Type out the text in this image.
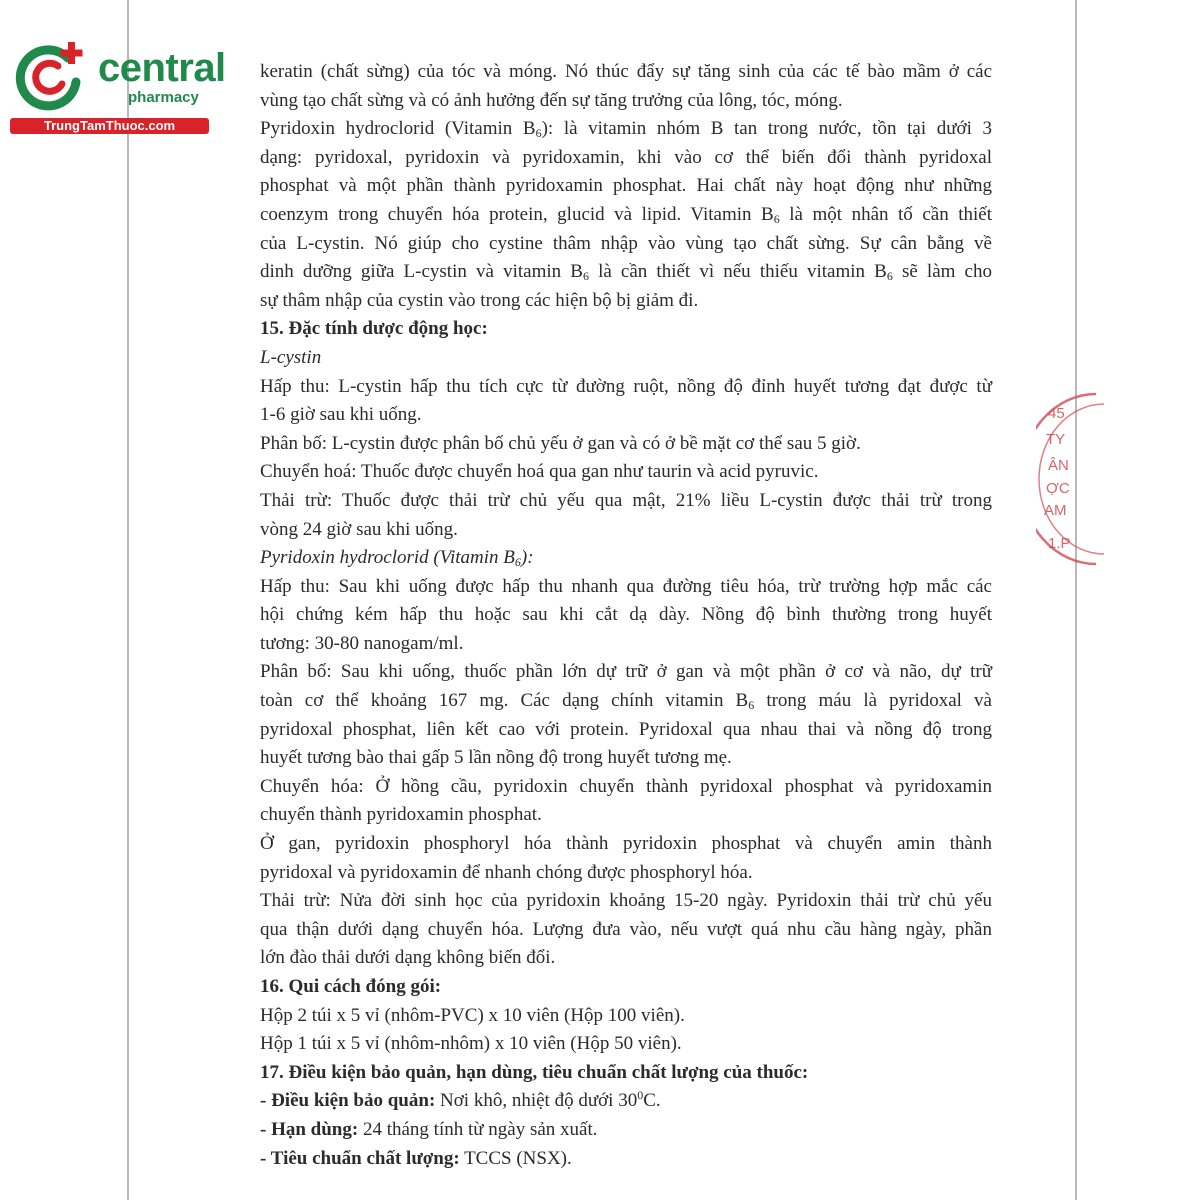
central
pharmacy
TrungTamThuoc.com
45
TY
ÂN
ỢC
AM
1.P
keratin (chất sừng) của tóc và móng. Nó thúc đẩy sự tăng sinh của các tế bào mầm ở các
vùng tạo chất sừng và có ảnh hưởng đến sự tăng trưởng của lông, tóc, móng.
Pyridoxin hydroclorid (Vitamin $B_6$): là vitamin nhóm B tan trong nước, tồn tại dưới 3
dạng: pyridoxal, pyridoxin và pyridoxamin, khi vào cơ thể biến đổi thành pyridoxal
phosphat và một phần thành pyridoxamin phosphat. Hai chất này hoạt động như những
coenzym trong chuyển hóa protein, glucid và lipid. Vitamin $B_6$ là một nhân tố cần thiết
của L-cystin. Nó giúp cho cystine thâm nhập vào vùng tạo chất sừng. Sự cân bằng về
dinh dưỡng giữa L-cystin và vitamin $B_6$ là cần thiết vì nếu thiếu vitamin $B_6$ sẽ làm cho
sự thâm nhập của cystin vào trong các hiện bộ bị giảm đi.
15. Đặc tính dược động học:
L-cystin
Hấp thu: L-cystin hấp thu tích cực từ đường ruột, nồng độ đỉnh huyết tương đạt được từ
1-6 giờ sau khi uống.
Phân bố: L-cystin được phân bố chủ yếu ở gan và có ở bề mặt cơ thể sau 5 giờ.
Chuyển hoá: Thuốc được chuyển hoá qua gan như taurin và acid pyruvic.
Thải trừ: Thuốc được thải trừ chủ yếu qua mật, 21% liều L-cystin được thải trừ trong
vòng 24 giờ sau khi uống.
Pyridoxin hydroclorid (Vitamin $B_6$):
Hấp thu: Sau khi uống được hấp thu nhanh qua đường tiêu hóa, trừ trường hợp mắc các
hội chứng kém hấp thu hoặc sau khi cắt dạ dày. Nồng độ bình thường trong huyết
tương: 30-80 nanogam/ml.
Phân bố: Sau khi uống, thuốc phần lớn dự trữ ở gan và một phần ở cơ và não, dự trữ
toàn cơ thể khoảng 167 mg. Các dạng chính vitamin $B_6$ trong máu là pyridoxal và
pyridoxal phosphat, liên kết cao với protein. Pyridoxal qua nhau thai và nồng độ trong
huyết tương bào thai gấp 5 lần nồng độ trong huyết tương mẹ.
Chuyển hóa: Ở hồng cầu, pyridoxin chuyển thành pyridoxal phosphat và pyridoxamin
chuyển thành pyridoxamin phosphat.
Ở gan, pyridoxin phosphoryl hóa thành pyridoxin phosphat và chuyển amin thành
pyridoxal và pyridoxamin để nhanh chóng được phosphoryl hóa.
Thải trừ: Nửa đời sinh học của pyridoxin khoảng 15-20 ngày. Pyridoxin thải trừ chủ yếu
qua thận dưới dạng chuyển hóa. Lượng đưa vào, nếu vượt quá nhu cầu hàng ngày, phần
lớn đào thải dưới dạng không biến đổi.
16. Qui cách đóng gói:
Hộp 2 túi x 5 vỉ (nhôm-PVC) x 10 viên (Hộp 100 viên).
Hộp 1 túi x 5 vỉ (nhôm-nhôm) x 10 viên (Hộp 50 viên).
17. Điều kiện bảo quản, hạn dùng, tiêu chuẩn chất lượng của thuốc:
- Điều kiện bảo quản: Nơi khô, nhiệt độ dưới $30^0C$.
- Hạn dùng: 24 tháng tính từ ngày sản xuất.
- Tiêu chuẩn chất lượng: TCCS (NSX).
